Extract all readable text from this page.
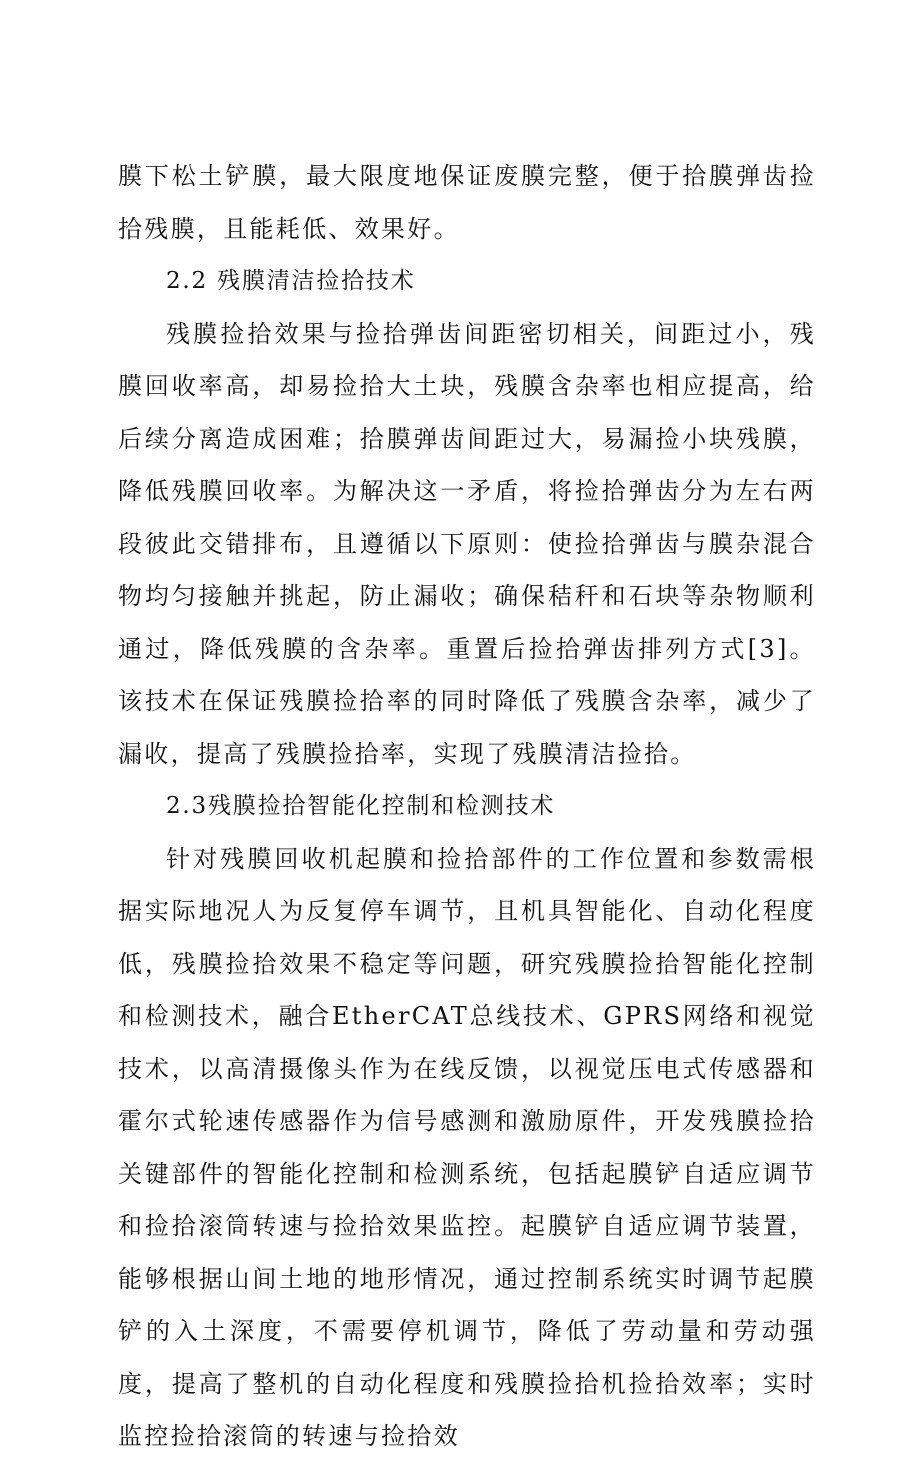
膜下松土铲膜，最大限度地保证废膜完整，便于拾膜弹齿捡拾残膜，且能耗低、效果好。

2.2 残膜清洁捡拾技术

残膜捡拾效果与捡拾弹齿间距密切相关，间距过小，残膜回收率高，却易捡拾大土块，残膜含杂率也相应提高，给后续分离造成困难；拾膜弹齿间距过大，易漏捡小块残膜，降低残膜回收率。为解决这一矛盾，将捡拾弹齿分为左右两段彼此交错排布，且遵循以下原则：使捡拾弹齿与膜杂混合物均匀接触并挑起，防止漏收；确保秸秆和石块等杂物顺利通过，降低残膜的含杂率。重置后捡拾弹齿排列方式[3]。该技术在保证残膜捡拾率的同时降低了残膜含杂率，减少了漏收，提高了残膜捡拾率，实现了残膜清洁捡拾。

2.3残膜捡拾智能化控制和检测技术

针对残膜回收机起膜和捡拾部件的工作位置和参数需根据实际地况人为反复停车调节，且机具智能化、自动化程度低，残膜捡拾效果不稳定等问题，研究残膜捡拾智能化控制和检测技术，融合EtherCAT总线技术、GPRS网络和视觉技术，以高清摄像头作为在线反馈，以视觉压电式传感器和霍尔式轮速传感器作为信号感测和激励原件，开发残膜捡拾关键部件的智能化控制和检测系统，包括起膜铲自适应调节和捡拾滚筒转速与捡拾效果监控。起膜铲自适应调节装置，能够根据山间土地的地形情况，通过控制系统实时调节起膜铲的入土深度，不需要停机调节，降低了劳动量和劳动强度，提高了整机的自动化程度和残膜捡拾机捡拾效率；实时监控捡拾滚筒的转速与捡拾效
